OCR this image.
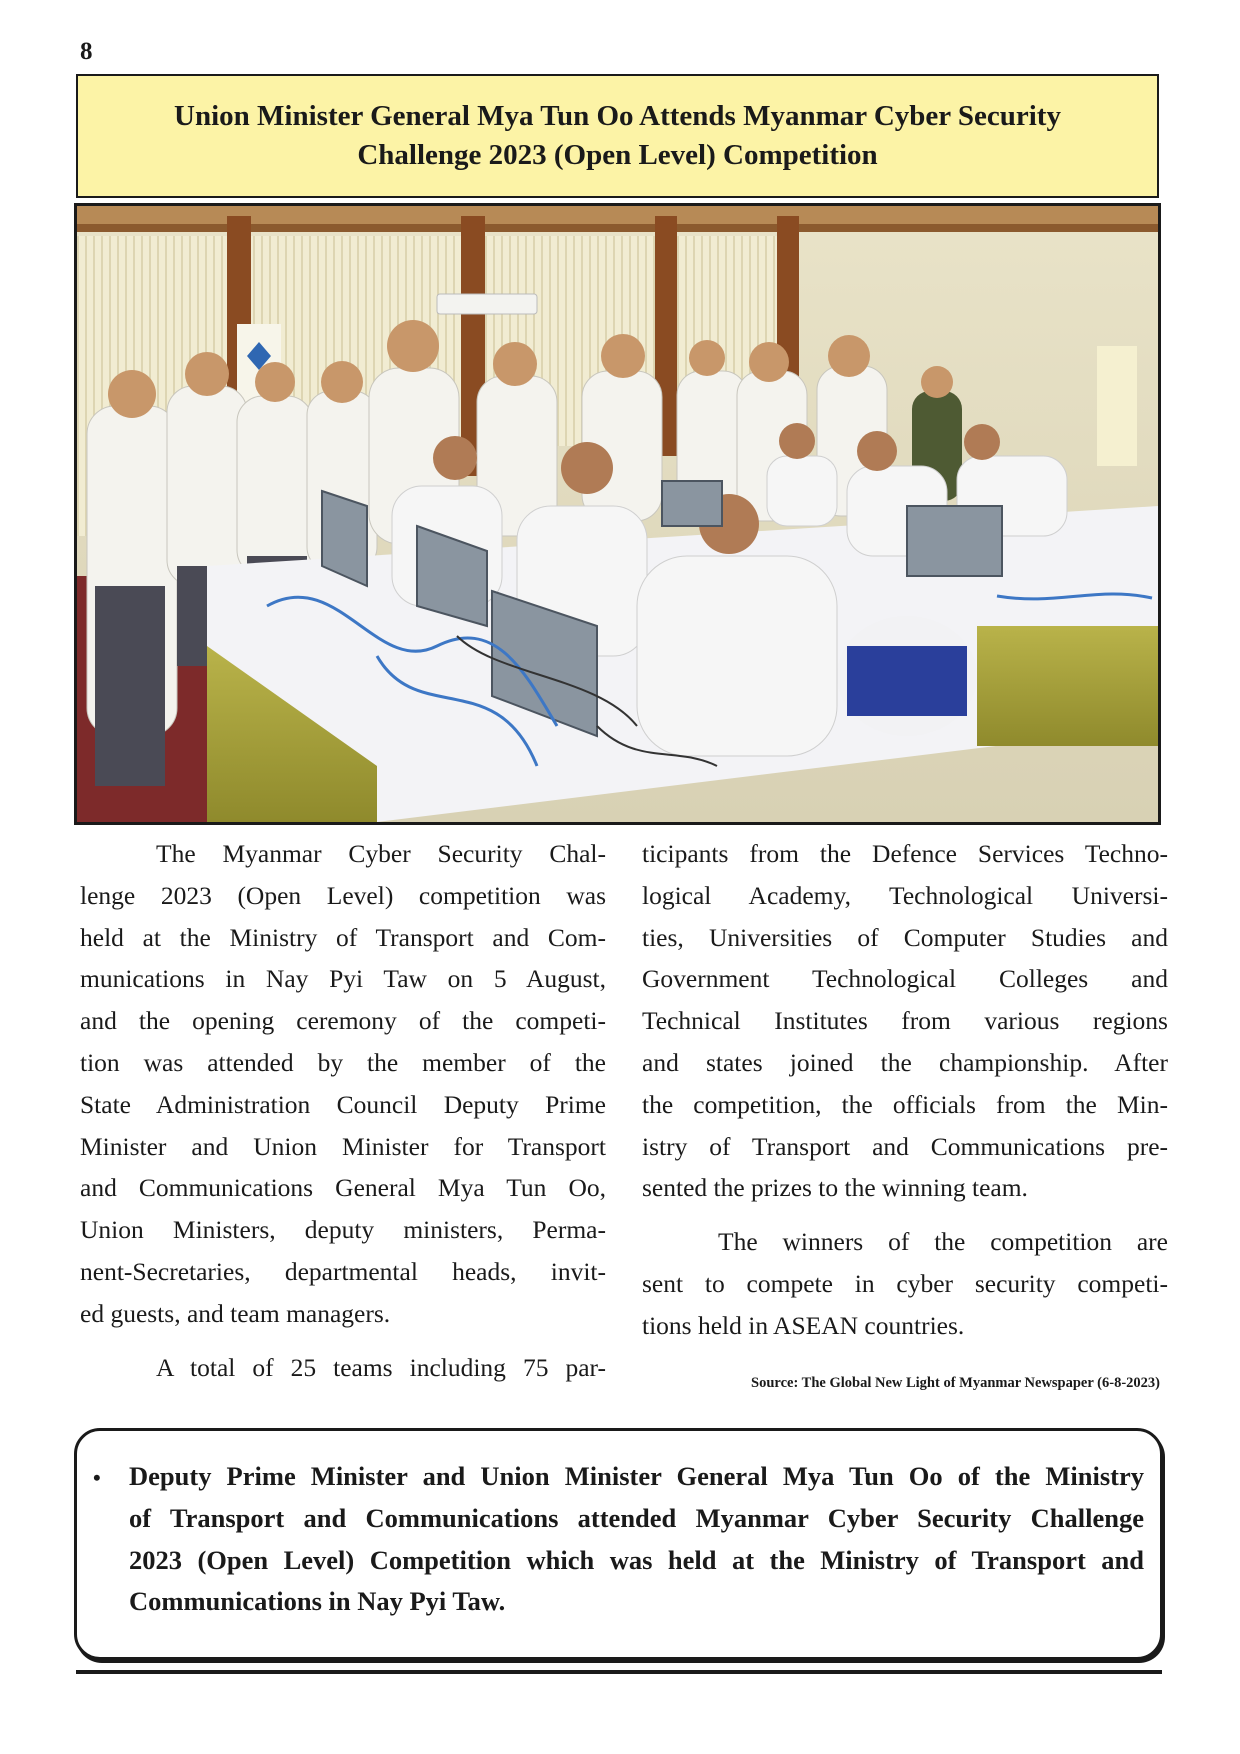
8
Union Minister General Mya Tun Oo Attends Myanmar Cyber Security
Challenge 2023 (Open Level) Competition
The Myanmar Cyber Security Chal-
lenge 2023 (Open Level) competition was
held at the Ministry of Transport and Com-
munications in Nay Pyi Taw on 5 August,
and the opening ceremony of the competi-
tion was attended by the member of the
State Administration Council Deputy Prime
Minister and Union Minister for Transport
and Communications General Mya Tun Oo,
Union Ministers, deputy ministers, Perma-
nent-Secretaries, departmental heads, invit-
ed guests, and team managers.
A total of 25 teams including 75 par-
ticipants from the Defence Services Techno-
logical Academy, Technological Universi-
ties, Universities of Computer Studies and
Government Technological Colleges and
Technical Institutes from various regions
and states joined the championship. After
the competition, the officials from the Min-
istry of Transport and Communications pre-
sented the prizes to the winning team.
The winners of the competition are
sent to compete in cyber security competi-
tions held in ASEAN countries.
Source: The Global New Light of Myanmar Newspaper (6-8-2023)
• Deputy Prime Minister and Union Minister General Mya Tun Oo of the Ministry
of Transport and Communications attended Myanmar Cyber Security Challenge
2023 (Open Level) Competition which was held at the Ministry of Transport and
Communications in Nay Pyi Taw.
